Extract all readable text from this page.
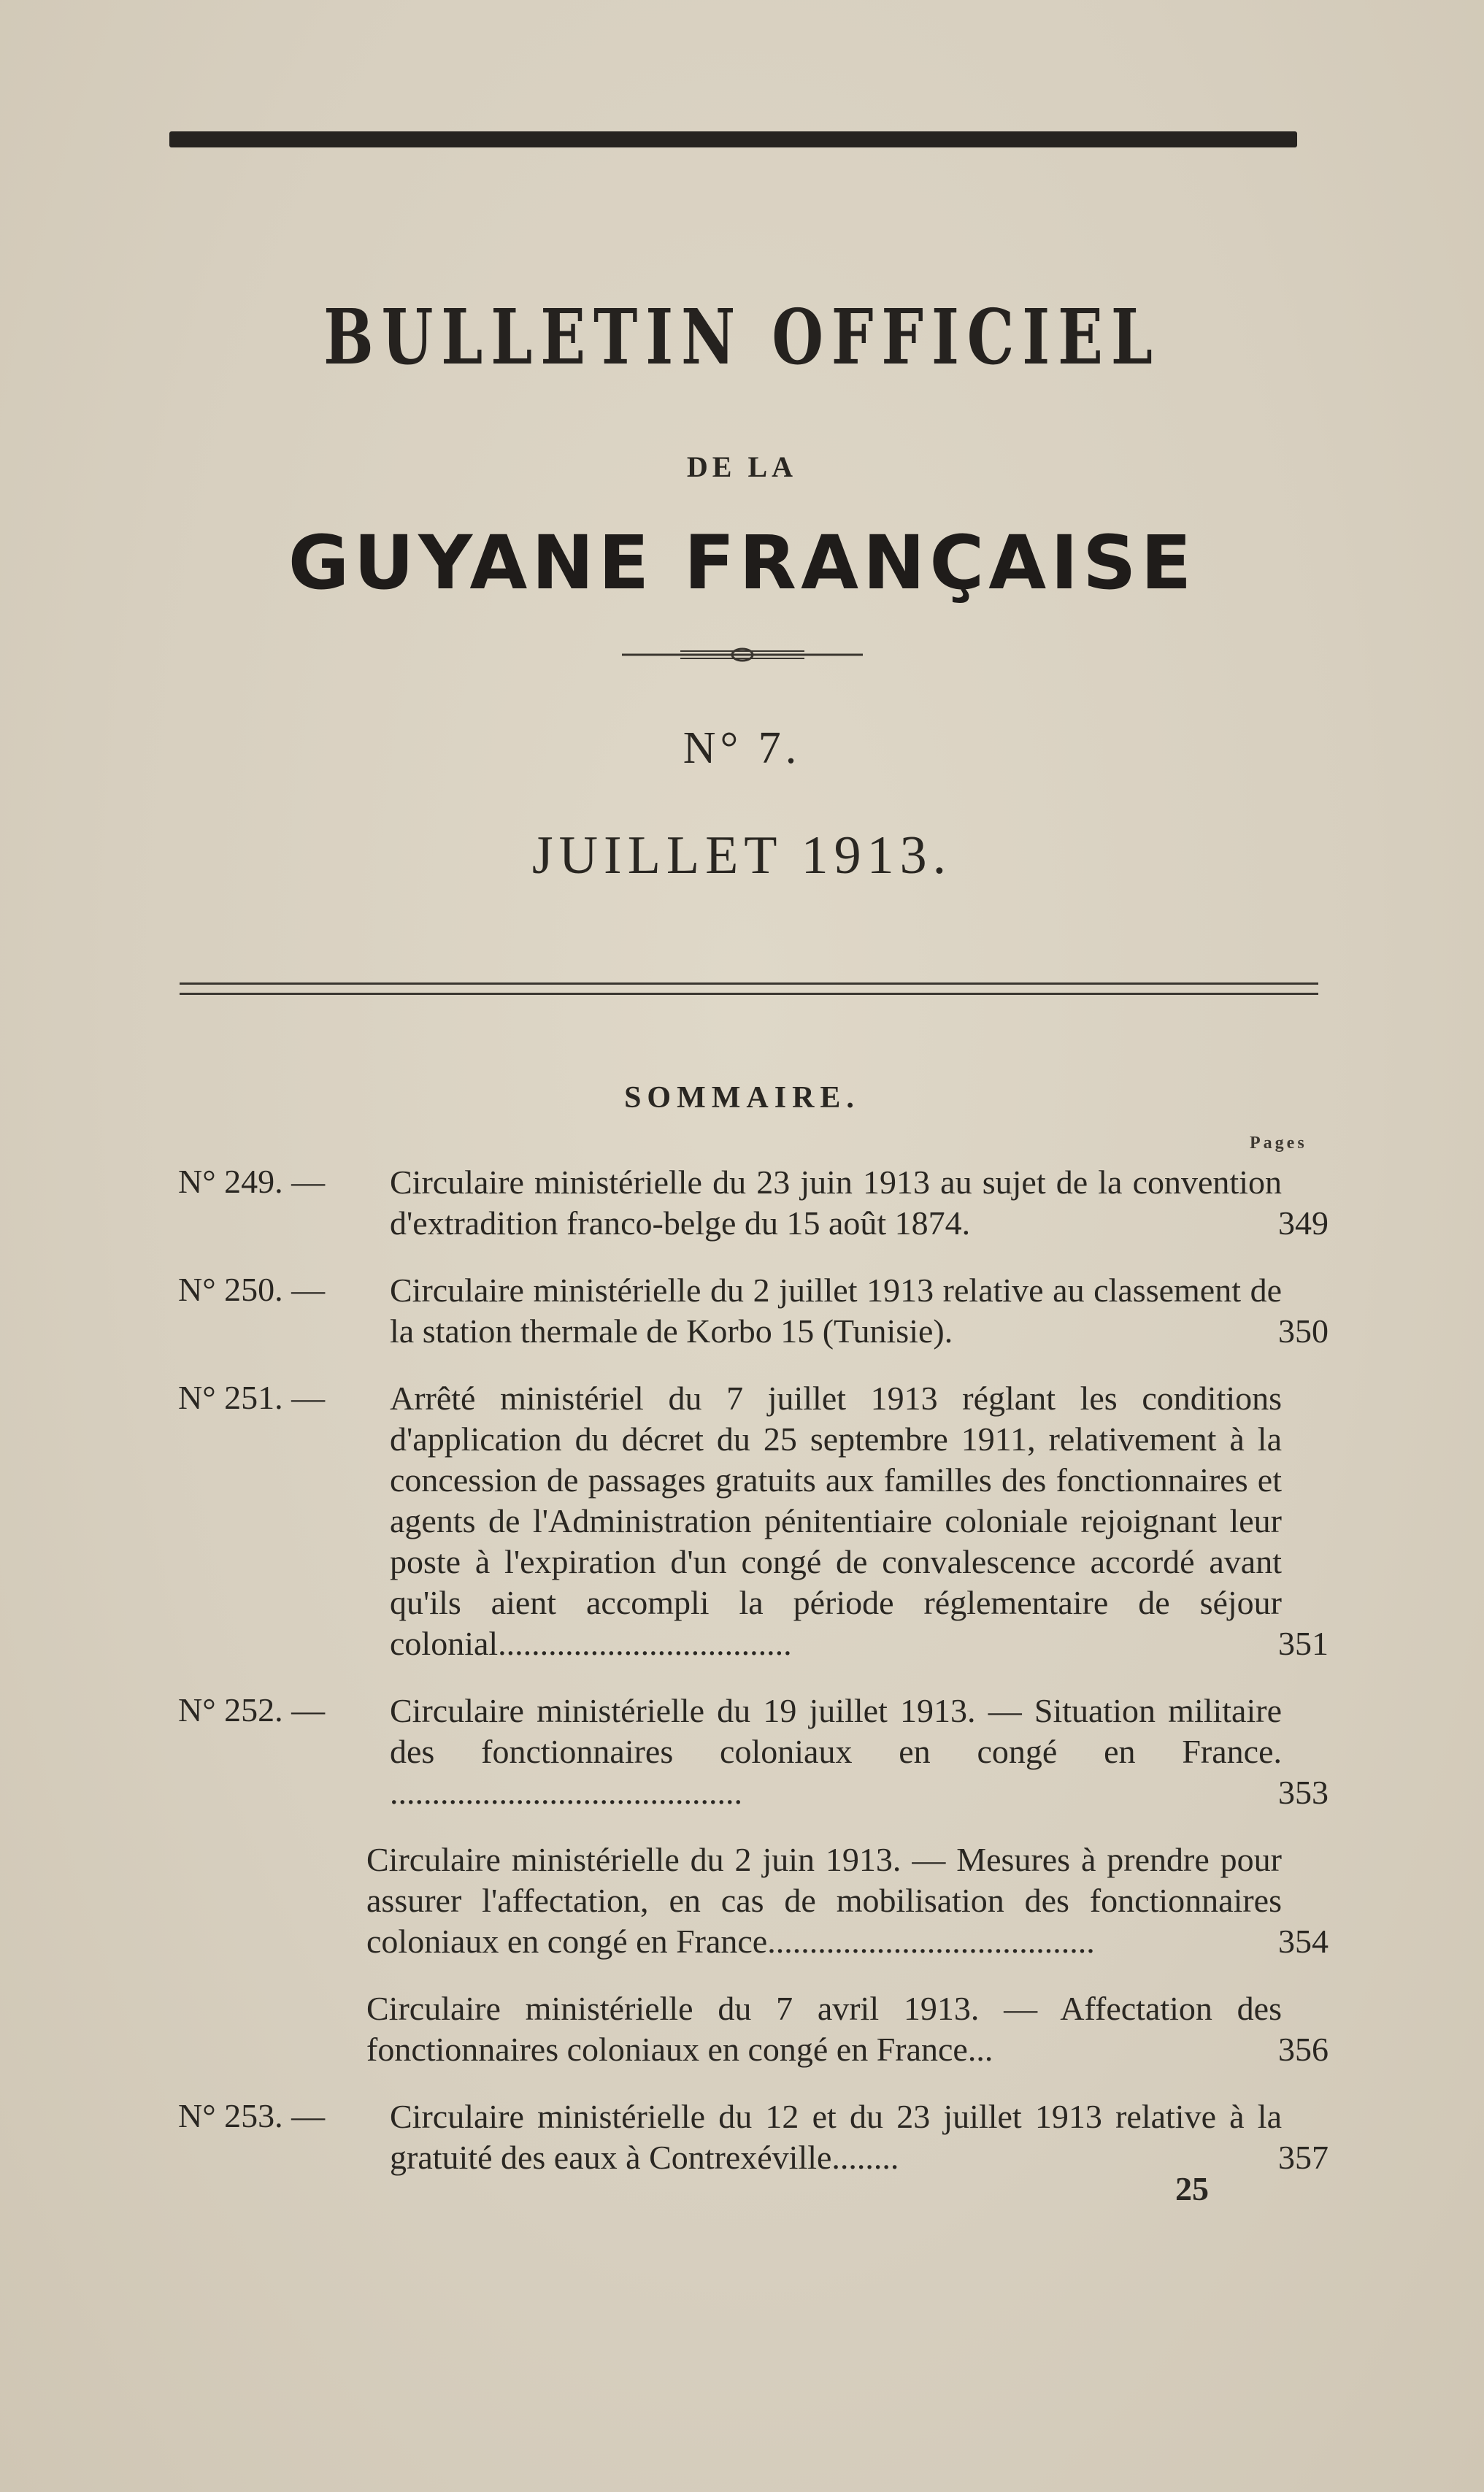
BULLETIN OFFICIEL
DE LA
GUYANE FRANÇAISE
N° 7.
JUILLET 1913.
SOMMAIRE.
Pages
N° 249. — Circulaire ministérielle du 23 juin 1913 au sujet de la convention d'extradition franco-belge du 15 août 1874.	349
N° 250. — Circulaire ministérielle du 2 juillet 1913 relative au classement de la station thermale de Korbo 15 (Tunisie).	350
N° 251. — Arrêté ministériel du 7 juillet 1913 réglant les conditions d'application du décret du 25 septembre 1911, relativement à la concession de passages gratuits aux familles des fonctionnaires et agents de l'Administration pénitentiaire coloniale rejoignant leur poste à l'expiration d'un congé de convalescence accordé avant qu'ils aient accompli la période réglementaire de séjour colonial...................................	351
N° 252. — Circulaire ministérielle du 19 juillet 1913. — Situation militaire des fonctionnaires coloniaux en congé en France. ..........................................	353
Circulaire ministérielle du 2 juin 1913. — Mesures à prendre pour assurer l'affectation, en cas de mobilisation des fonctionnaires coloniaux en congé en France.......................................	354
Circulaire ministérielle du 7 avril 1913. — Affectation des fonctionnaires coloniaux en congé en France...	356
N° 253. — Circulaire ministérielle du 12 et du 23 juillet 1913 relative à la gratuité des eaux à Contrexéville........	357
25
